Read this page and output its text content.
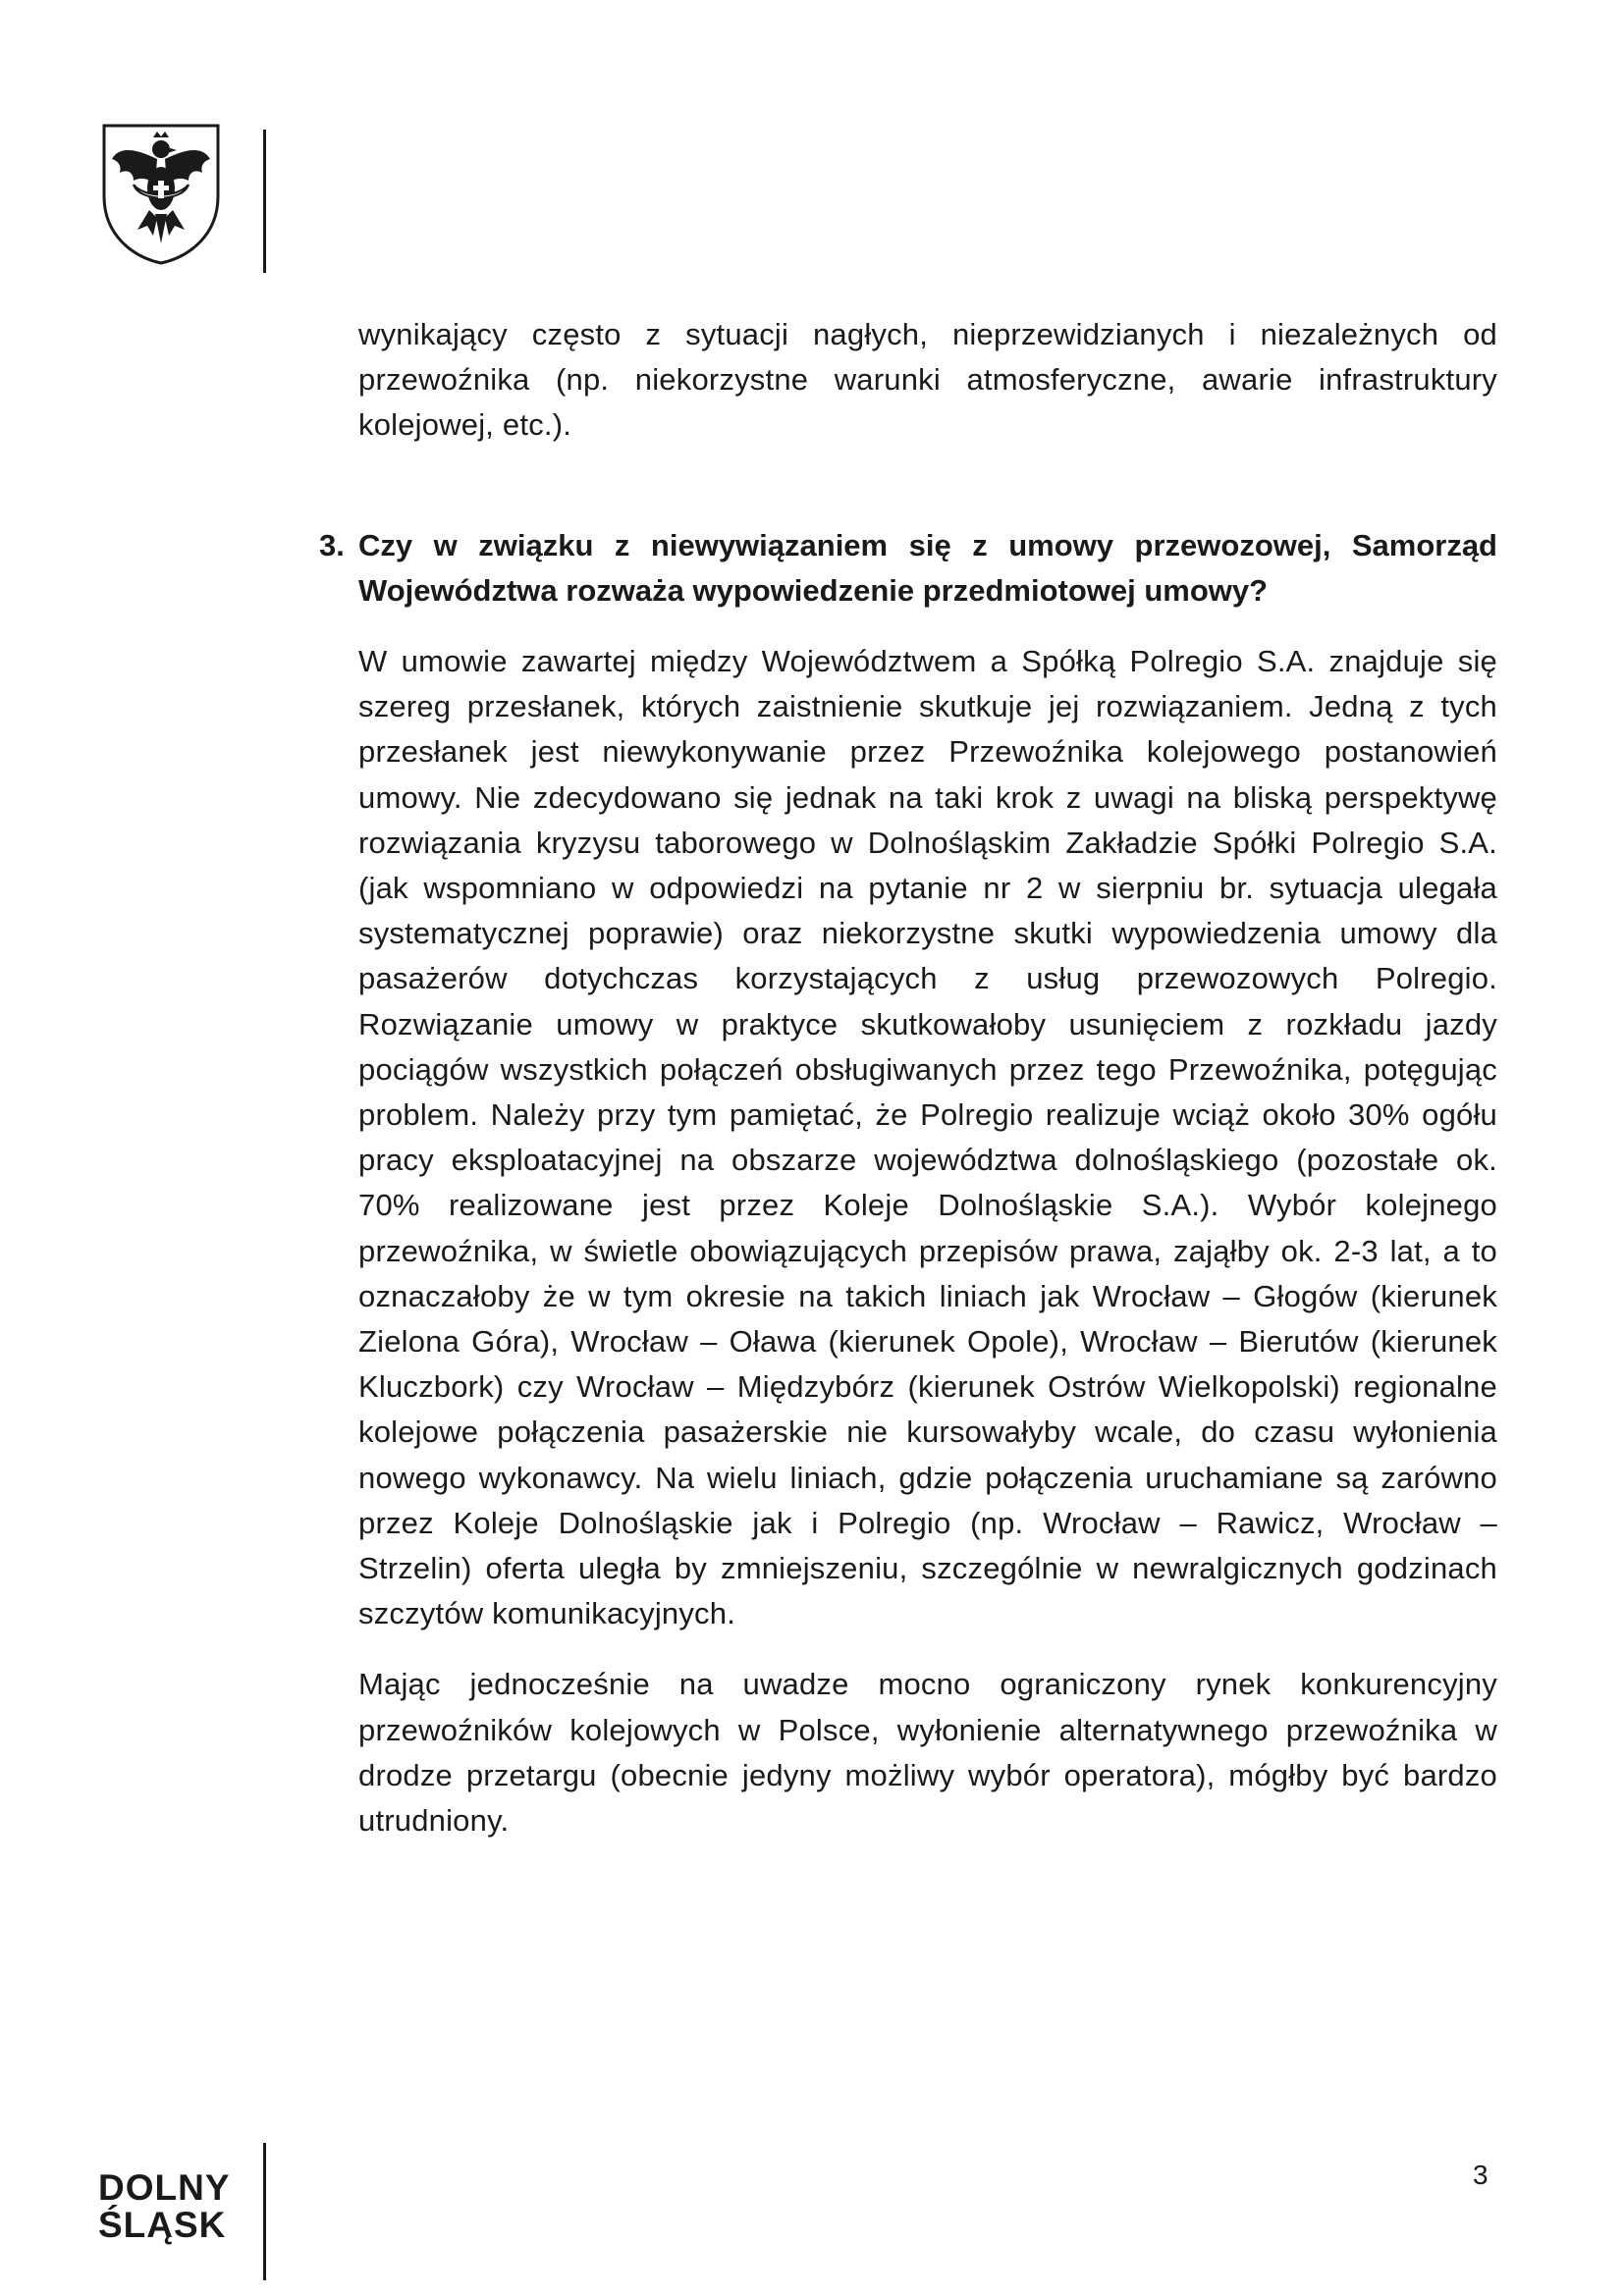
wynikający często z sytuacji nagłych, nieprzewidzianych i niezależnych od przewoźnika (np. niekorzystne warunki atmosferyczne, awarie infrastruktury kolejowej, etc.).

3. Czy w związku z niewywiązaniem się z umowy przewozowej, Samorząd Województwa rozważa wypowiedzenie przedmiotowej umowy?

W umowie zawartej między Województwem a Spółką Polregio S.A. znajduje się szereg przesłanek, których zaistnienie skutkuje jej rozwiązaniem. Jedną z tych przesłanek jest niewykonywanie przez Przewoźnika kolejowego postanowień umowy. Nie zdecydowano się jednak na taki krok z uwagi na bliską perspektywę rozwiązania kryzysu taborowego w Dolnośląskim Zakładzie Spółki Polregio S.A. (jak wspomniano w odpowiedzi na pytanie nr 2 w sierpniu br. sytuacja ulegała systematycznej poprawie) oraz niekorzystne skutki wypowiedzenia umowy dla pasażerów dotychczas korzystających z usług przewozowych Polregio. Rozwiązanie umowy w praktyce skutkowałoby usunięciem z rozkładu jazdy pociągów wszystkich połączeń obsługiwanych przez tego Przewoźnika, potęgując problem. Należy przy tym pamiętać, że Polregio realizuje wciąż około 30% ogółu pracy eksploatacyjnej na obszarze województwa dolnośląskiego (pozostałe ok. 70% realizowane jest przez Koleje Dolnośląskie S.A.). Wybór kolejnego przewoźnika, w świetle obowiązujących przepisów prawa, zająłby ok. 2-3 lat, a to oznaczałoby że w tym okresie na takich liniach jak Wrocław – Głogów (kierunek Zielona Góra), Wrocław – Oława (kierunek Opole), Wrocław – Bierutów (kierunek Kluczbork) czy Wrocław – Międzybórz (kierunek Ostrów Wielkopolski) regionalne kolejowe połączenia pasażerskie nie kursowałyby wcale, do czasu wyłonienia nowego wykonawcy. Na wielu liniach, gdzie połączenia uruchamiane są zarówno przez Koleje Dolnośląskie jak i Polregio (np. Wrocław – Rawicz, Wrocław – Strzelin) oferta uległa by zmniejszeniu, szczególnie w newralgicznych godzinach szczytów komunikacyjnych.

Mając jednocześnie na uwadze mocno ograniczony rynek konkurencyjny przewoźników kolejowych w Polsce, wyłonienie alternatywnego przewoźnika w drodze przetargu (obecnie jedyny możliwy wybór operatora), mógłby być bardzo utrudniony.

DOLNY
ŚLĄSK
3
